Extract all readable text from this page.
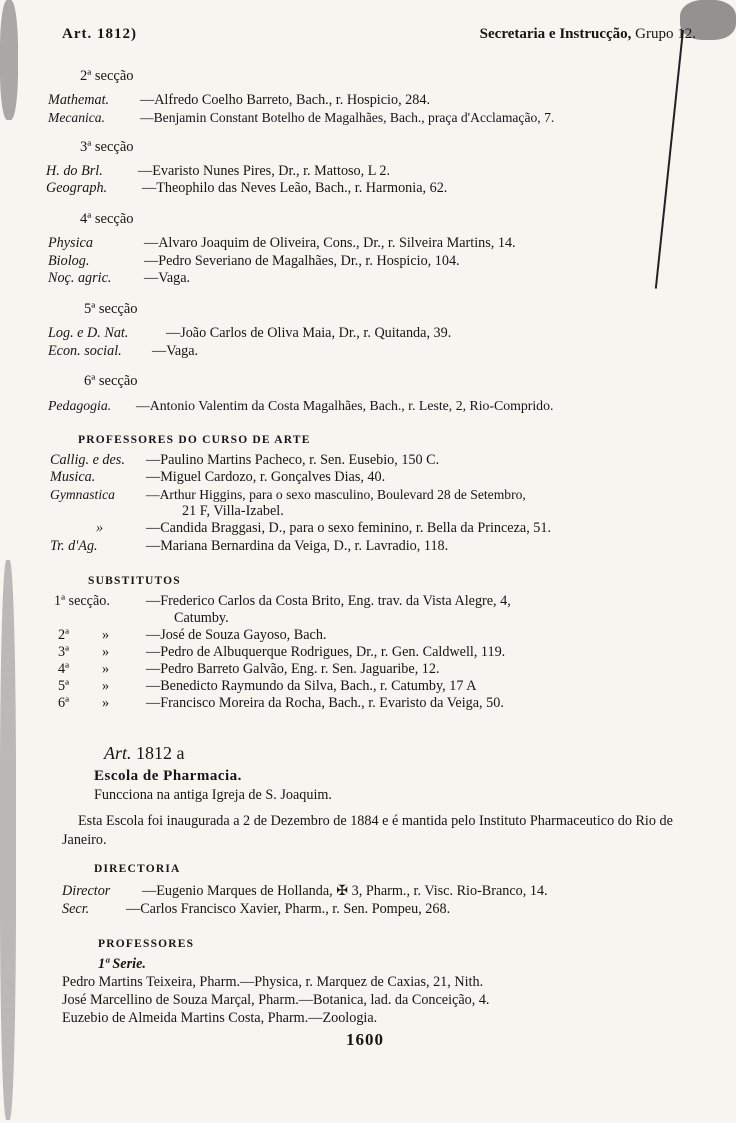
Art. 1812)	Secretaria e Instrucção, Grupo 12.
2ª secção
Mathemat. —Alfredo Coelho Barreto, Bach., r. Hospicio, 284.
Mecanica.	—Benjamin Constant Botelho de Magalhães, Bach., praça d'Acclamação, 7.
3ª secção
H. do Brl. —Evaristo Nunes Pires, Dr., r. Mattoso, L 2.
Geograph. —Theophilo das Neves Leão, Bach., r. Harmonia, 62.
4ª secção
Physica	—Alvaro Joaquim de Oliveira, Cons., Dr., r. Silveira Martins, 14.
Biolog.	—Pedro Severiano de Magalhães, Dr., r. Hospicio, 104.
Noç. agric. —Vaga.
5ª secção
Log. e D. Nat.	—João Carlos de Oliva Maia, Dr., r. Quitanda, 39.
Econ. social. —Vaga.
6ª secção
Pedagogia. —Antonio Valentim da Costa Magalhães, Bach., r. Leste, 2, Rio-Comprido.
PROFESSORES DO CURSO DE ARTE
Callig. e des. —Paulino Martins Pacheco, r. Sen. Eusebio, 150 C.
Musica.	—Miguel Cardozo, r. Gonçalves Dias, 40.
Gymnastica —Arthur Higgins, para o sexo masculino, Boulevard 28 de Setembro,
21 F, Villa-Izabel.
»	—Candida Braggasi, D., para o sexo feminino, r. Bella da Princeza, 51.
Tr. d'Ag.	—Mariana Bernardina da Veiga, D., r. Lavradio, 118.
SUBSTITUTOS
1ª secção.	—Frederico Carlos da Costa Brito, Eng. trav. da Vista Alegre, 4,
Catumby.
2ª »	—José de Souza Gayoso, Bach.
3ª »	—Pedro de Albuquerque Rodrigues, Dr., r. Gen. Caldwell, 119.
4ª »	—Pedro Barreto Galvão, Eng. r. Sen. Jaguaribe, 12.
5ª »	—Benedicto Raymundo da Silva, Bach., r. Catumby, 17 A
6ª »	—Francisco Moreira da Rocha, Bach., r. Evaristo da Veiga, 50.
Art. 1812 a
Escola de Pharmacia.
Funcciona na antiga Igreja de S. Joaquim.
Esta Escola foi inaugurada a 2 de Dezembro de 1884 e é mantida pelo Instituto Pharmaceutico do Rio de Janeiro.
DIRECTORIA
Director —Eugenio Marques de Hollanda, ✠ 3, Pharm., r. Visc. Rio-Branco, 14.
Secr.	—Carlos Francisco Xavier, Pharm., r. Sen. Pompeu, 268.
PROFESSORES
1ª Serie.
Pedro Martins Teixeira, Pharm.—Physica, r. Marquez de Caxias, 21, Nith.
José Marcellino de Souza Marçal, Pharm.—Botanica, lad. da Conceição, 4.
Euzebio de Almeida Martins Costa, Pharm.—Zoologia.
1600
